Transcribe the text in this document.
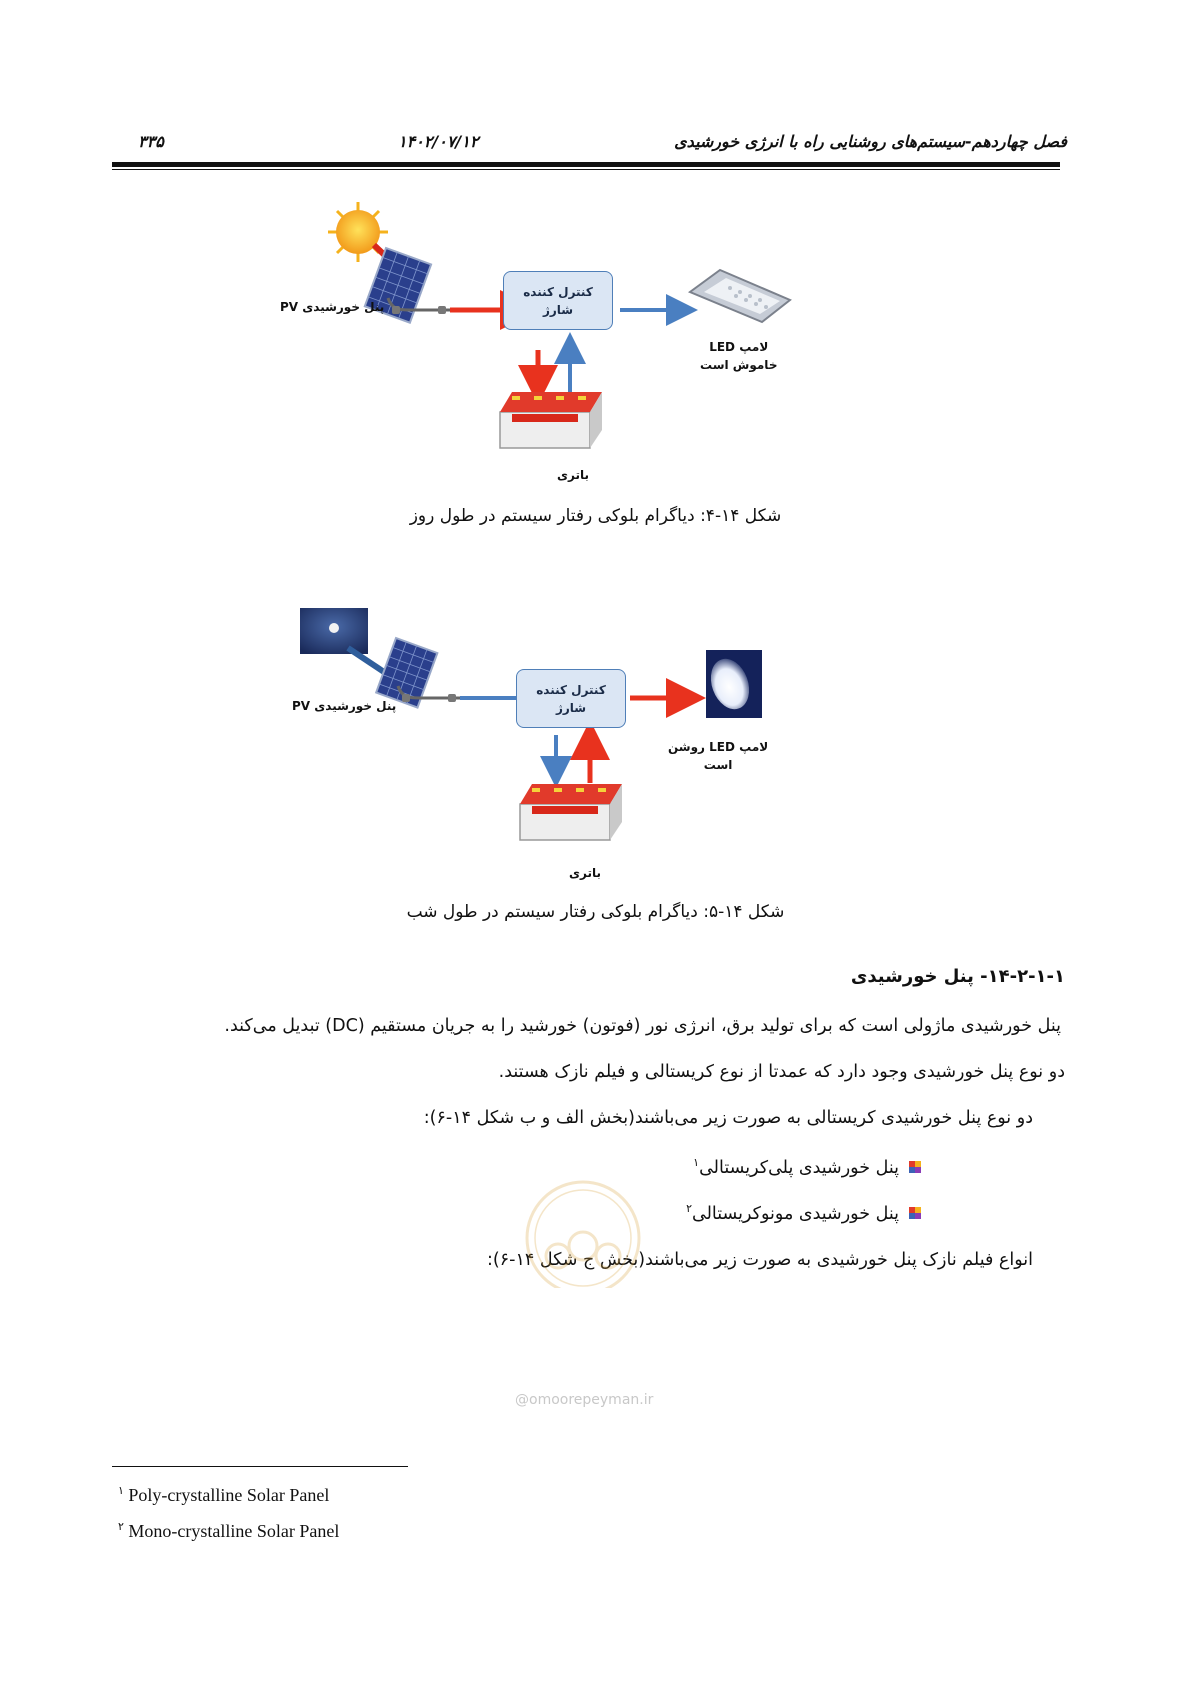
۳۳۵	۱۴۰۲/۰۷/۱۲	فصل چهاردهم-سیستم‌های روشنایی راه با انرژی خورشیدی
کنترل کننده
شارژ
پنل خورشیدی PV
لامپ LED
خاموش است
باتری
شکل ۱۴-۴: دیاگرام بلوکی رفتار سیستم در طول روز
کنترل کننده
شارژ
پنل خورشیدی PV
لامپ LED روشن
است
باتری
شکل ۱۴-۵: دیاگرام بلوکی رفتار سیستم در طول شب
۱۴-۲-۱-۱- پنل خورشیدی
پنل خورشیدی ماژولی است که برای تولید برق، انرژی نور (فوتون) خورشید را به جریان مستقیم (DC) تبدیل می‌کند.
دو نوع پنل خورشیدی وجود دارد که عمدتا از نوع کریستالی و فیلم نازک هستند.
دو نوع پنل خورشیدی کریستالی به صورت زیر می‌باشند(بخش الف و ب شکل ۱۴-۶):
پنل خورشیدی پلی‌کریستالی$^۱$
پنل خورشیدی مونوکریستالی$^۲$
انواع فیلم نازک پنل خورشیدی به صورت زیر می‌باشند(بخش ج شکل ۱۴-۶):
@omoorepeyman.ir
$^۱$ Poly-crystalline Solar Panel
$^۲$ Mono-crystalline Solar Panel
